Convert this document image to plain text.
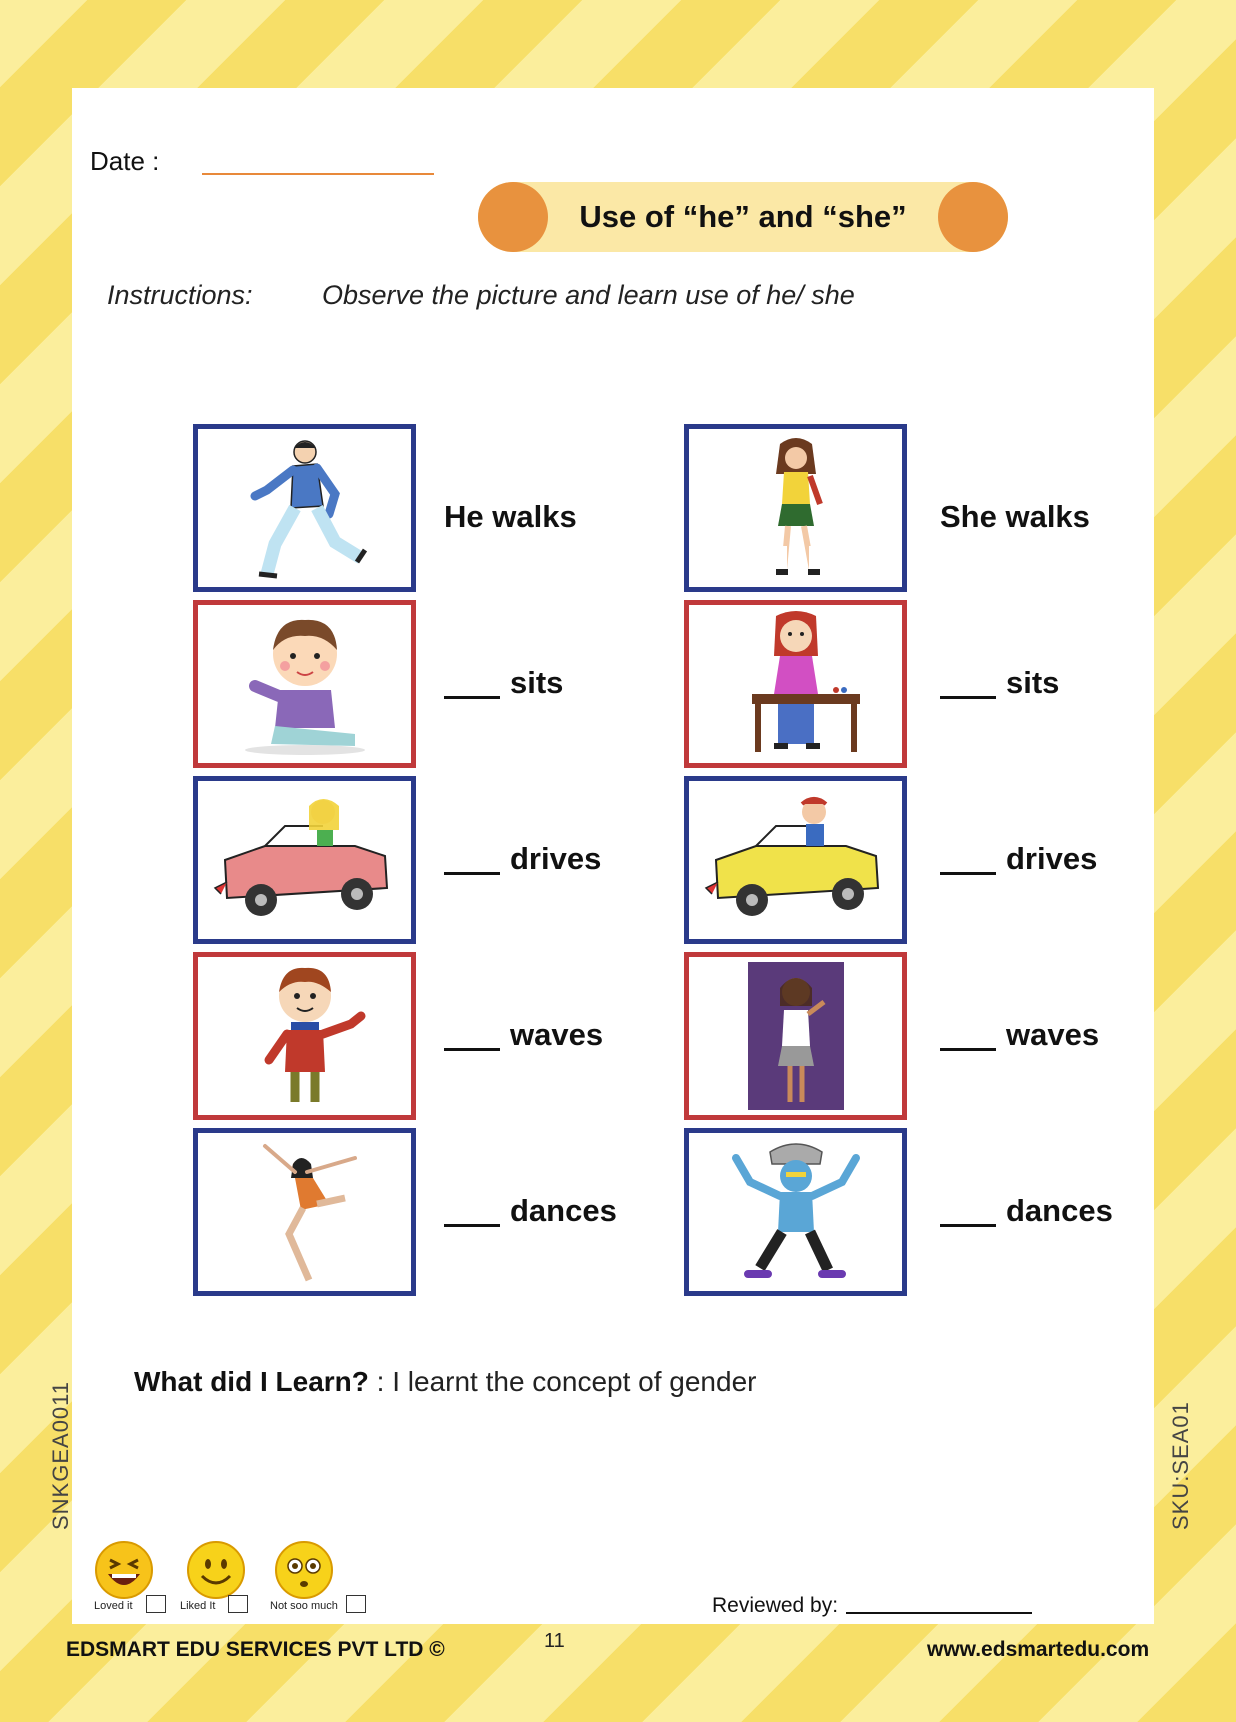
Date :
Use of “he” and “she”
Instructions:	Observe the picture and learn use of he/ she
He walks	She walks
sits	sits
drives	drives
waves	waves
dances	dances
What did I Learn? : I learnt the concept of gender
SNKGEA0011	SKU:SEA01
Loved it	Liked It	Not soo much	Reviewed by:
EDSMART EDU SERVICES PVT LTD ©	11	www.edsmartedu.com
